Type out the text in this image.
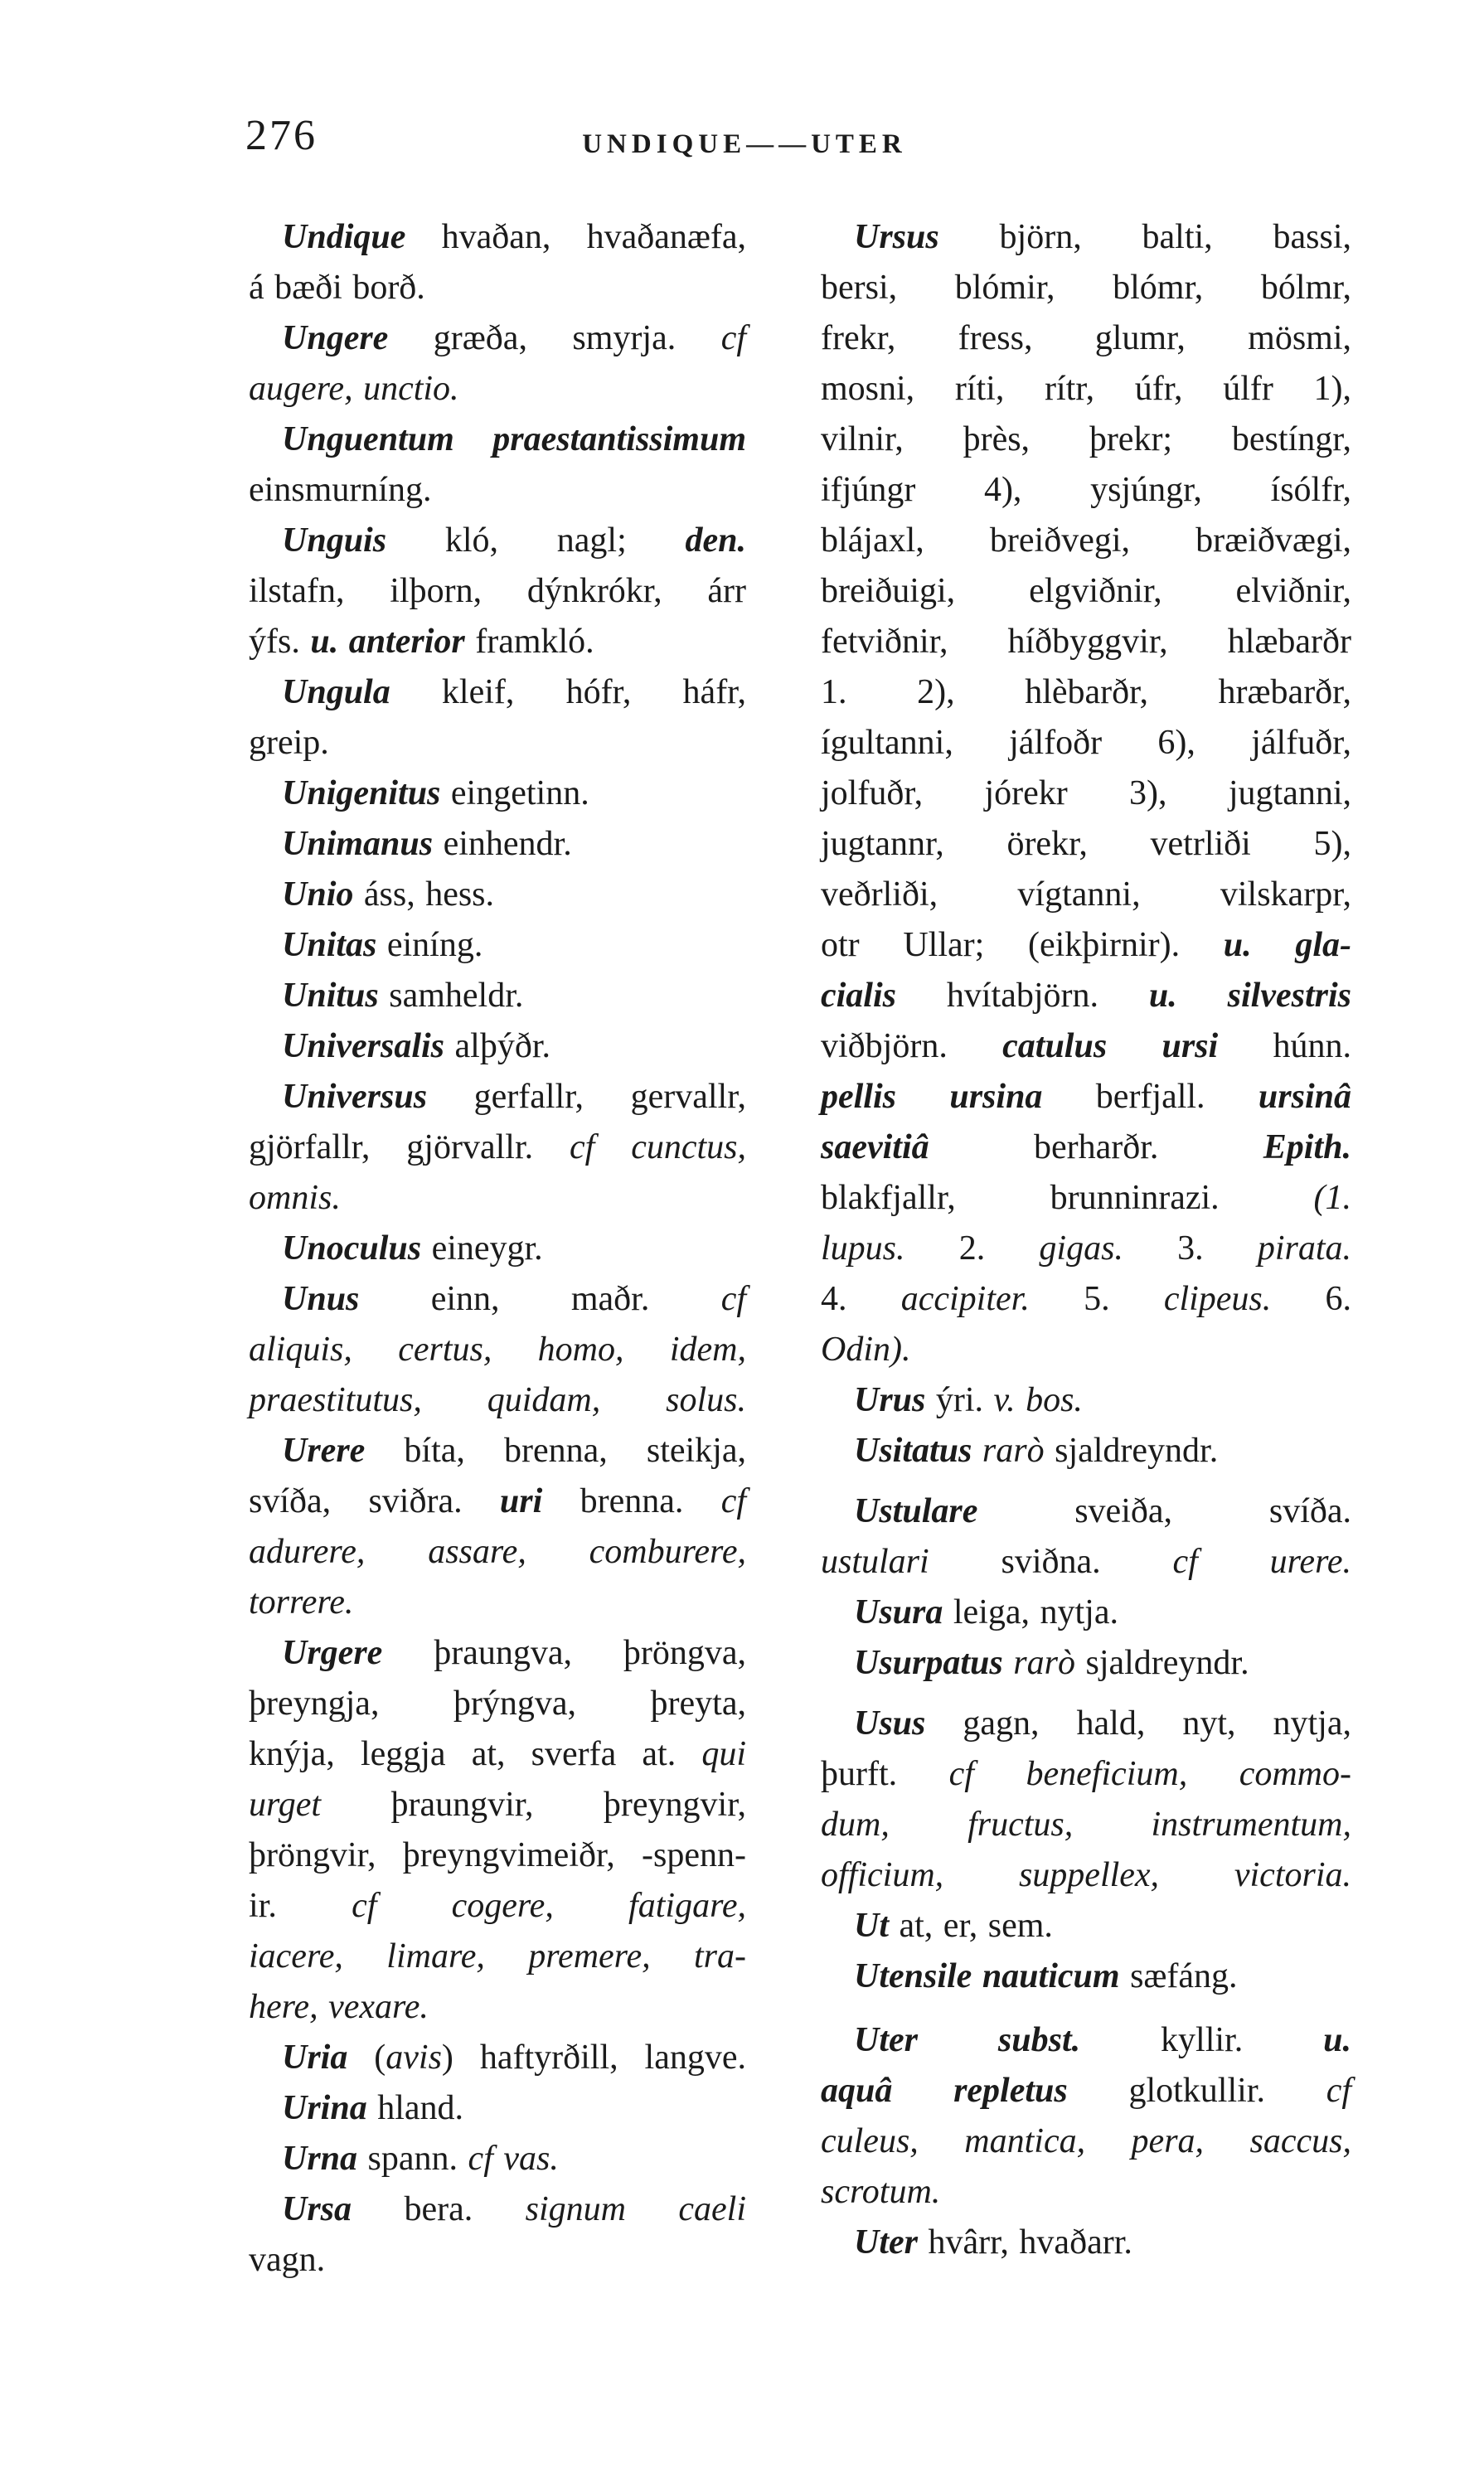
276	UNDIQUE——UTER
Undique hvaðan, hvaðanæfa,
á bæði borð.
Ungere græða, smyrja. cf
augere, unctio.
Unguentum praestantissimum
einsmurníng.
Unguis kló, nagl; den.
ilstafn, ilþorn, dýnkrókr, árr
ýfs. u. anterior framkló.
Ungula kleif, hófr, háfr,
greip.
Unigenitus eingetinn.
Unimanus einhendr.
Unio áss, hess.
Unitas einíng.
Unitus samheldr.
Universalis alþýðr.
Universus gerfallr, gervallr,
gjörfallr, gjörvallr. cf cunctus,
omnis.
Unoculus eineygr.
Unus einn, maðr. cf
aliquis, certus, homo, idem,
praestitutus, quidam, solus.
Urere bíta, brenna, steikja,
svíða, sviðra. uri brenna. cf
adurere, assare, comburere,
torrere.
Urgere þraungva, þröngva,
þreyngja, þrýngva, þreyta,
knýja, leggja at, sverfa at. qui
urget þraungvir, þreyngvir,
þröngvir, þreyngvimeiðr, -spenn-
ir. cf cogere, fatigare,
iacere, limare, premere, tra-
here, vexare.
Uria (avis) haftyrðill, langve.
Urina hland.
Urna spann. cf vas.
Ursa bera. signum caeli
vagn.
Ursus björn, balti, bassi,
bersi, blómir, blómr, bólmr,
frekr, fress, glumr, mösmi,
mosni, ríti, rítr, úfr, úlfr 1),
vilnir, þrès, þrekr; bestíngr,
ifjúngr 4), ysjúngr, ísólfr,
blájaxl, breiðvegi, bræiðvægi,
breiðuigi, elgviðnir, elviðnir,
fetviðnir, híðbyggvir, hlæbarðr
1. 2), hlèbarðr, hræbarðr,
ígultanni, jálfoðr 6), jálfuðr,
jolfuðr, jórekr 3), jugtanni,
jugtannr, örekr, vetrliði 5),
veðrliði, vígtanni, vilskarpr,
otr Ullar; (eikþirnir). u. gla-
cialis hvítabjörn. u. silvestris
viðbjörn. catulus ursi húnn.
pellis ursina berfjall. ursinâ
saevitiâ berharðr. Epith.
blakfjallr, brunninrazi. (1.
lupus. 2. gigas. 3. pirata.
4. accipiter. 5. clipeus. 6.
Odin).
Urus ýri. v. bos.
Usitatus rarò sjaldreyndr.
Ustulare sveiða, svíða.
ustulari sviðna. cf urere.
Usura leiga, nytja.
Usurpatus rarò sjaldreyndr.
Usus gagn, hald, nyt, nytja,
þurft. cf beneficium, commo-
dum, fructus, instrumentum,
officium, suppellex, victoria.
Ut at, er, sem.
Utensile nauticum sæfáng.
Uter subst. kyllir. u.
aquâ repletus glotkullir. cf
culeus, mantica, pera, saccus,
scrotum.
Uter hvârr, hvaðarr.
